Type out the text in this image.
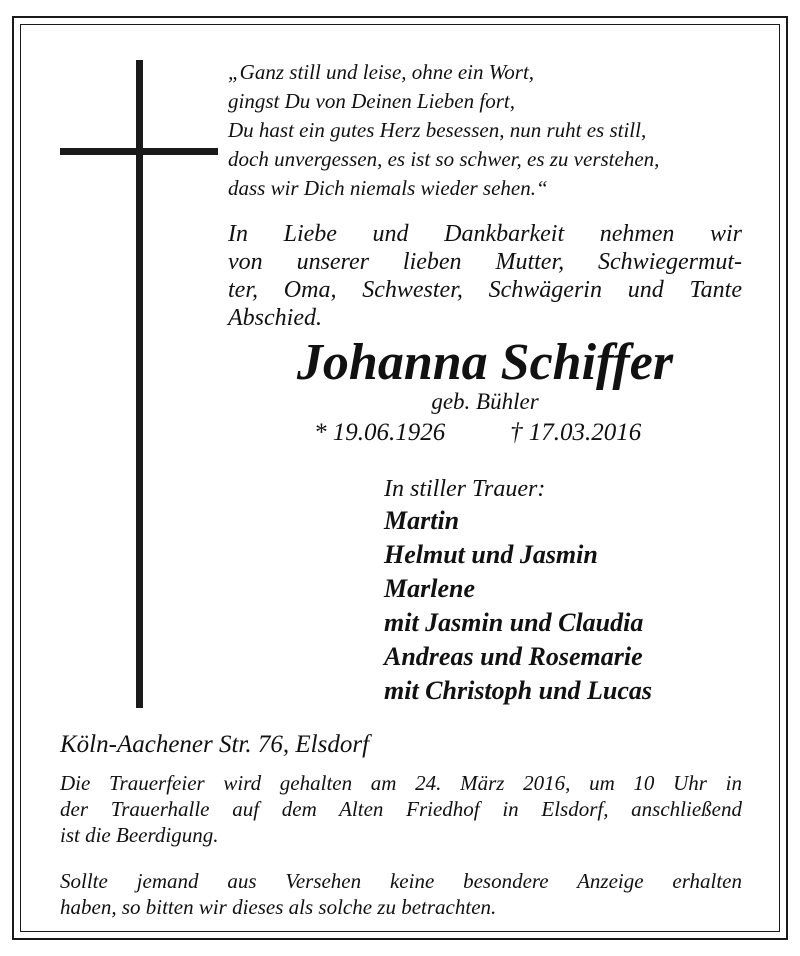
„Ganz still und leise, ohne ein Wort,
gingst Du von Deinen Lieben fort,
Du hast ein gutes Herz besessen, nun ruht es still,
doch unvergessen, es ist so schwer, es zu verstehen,
dass wir Dich niemals wieder sehen.“
In Liebe und Dankbarkeit nehmen wir
von unserer lieben Mutter, Schwiegermut-
ter, Oma, Schwester, Schwägerin und Tante
Abschied.
Johanna Schiffer
geb. Bühler
* 19.06.1926	† 17.03.2016
In stiller Trauer:
Martin
Helmut und Jasmin
Marlene
mit Jasmin und Claudia
Andreas und Rosemarie
mit Christoph und Lucas
Köln-Aachener Str. 76, Elsdorf
Die Trauerfeier wird gehalten am 24. März 2016, um 10 Uhr in
der Trauerhalle auf dem Alten Friedhof in Elsdorf, anschließend
ist die Beerdigung.
Sollte jemand aus Versehen keine besondere Anzeige erhalten
haben, so bitten wir dieses als solche zu betrachten.
